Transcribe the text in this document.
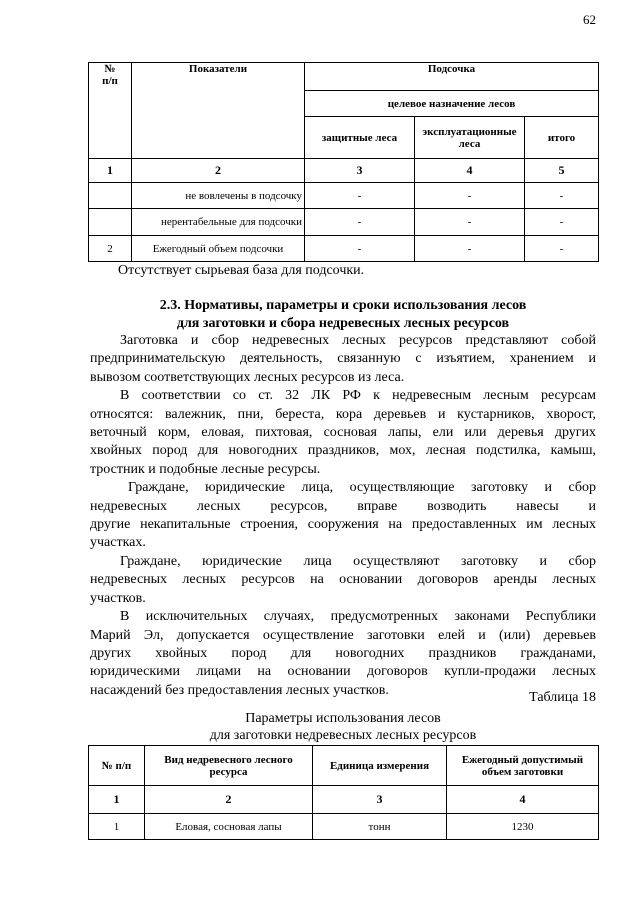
62
№
п/п	Показатели	Подсочка		
		целевое назначение лесов		
		защитные леса	эксплуатационные леса	итого
1	2	3	4	5
	не вовлечены в подсочку	-	-	-
	нерентабельные для подсочки	-	-	-
2	Ежегодный объем подсочки	-	-	-
Отсутствует сырьевая база для подсочки.
2.3. Нормативы, параметры и сроки использования лесов
для заготовки и сбора недревесных лесных ресурсов
Заготовка и сбор недревесных лесных ресурсов представляют собой
предпринимательскую деятельность, связанную с изъятием, хранением и
вывозом соответствующих лесных ресурсов из леса.
В соответствии со ст. 32 ЛК РФ к недревесным лесным ресурсам
относятся: валежник, пни, береста, кора деревьев и кустарников, хворост,
веточный корм, еловая, пихтовая, сосновая лапы, ели или деревья других
хвойных пород для новогодних праздников, мох, лесная подстилка, камыш,
тростник и подобные лесные ресурсы.
Граждане, юридические лица, осуществляющие заготовку и сбор
недревесных лесных ресурсов, вправе возводить навесы и
другие некапитальные строения, сооружения на предоставленных им лесных
участках.
Граждане, юридические лица осуществляют заготовку и сбор
недревесных лесных ресурсов на основании договоров аренды лесных
участков.
В исключительных случаях, предусмотренных законами Республики
Марий Эл, допускается осуществление заготовки елей и (или) деревьев
других хвойных пород для новогодних праздников гражданами,
юридическими лицами на основании договоров купли-продажи лесных
насаждений без предоставления лесных участков.	Таблица 18
Параметры использования лесов
для заготовки недревесных лесных ресурсов
№ п/п	Вид недревесного лесного ресурса	Единица измерения	Ежегодный допустимый объем заготовки
1	2	3	4
1	Еловая, сосновая лапы	тонн	1230
